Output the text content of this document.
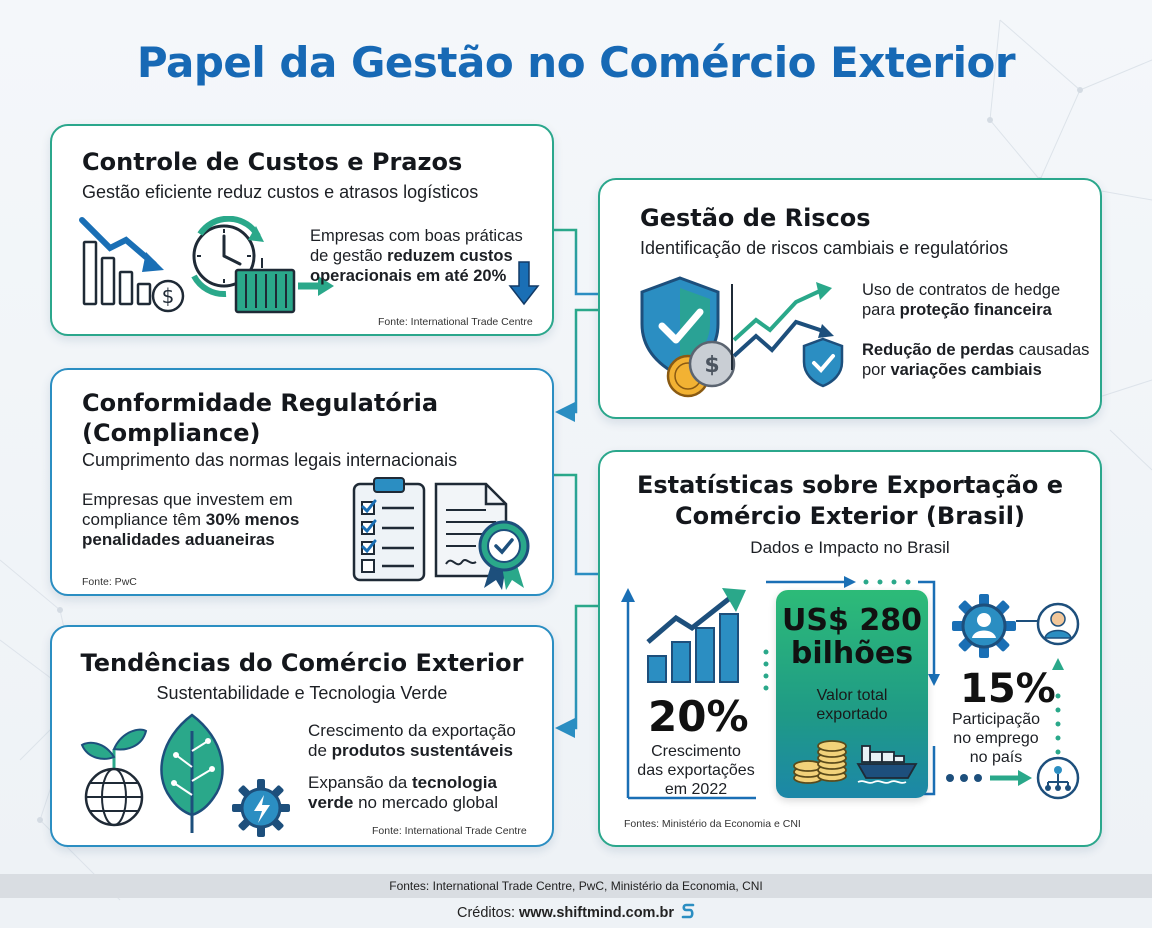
Papel da Gestão no Comércio Exterior
Controle de Custos e Prazos
Gestão eficiente reduz custos e atrasos logísticos
$
Empresas com boas práticas
de gestão reduzem custos
operacionais em até 20%
Fonte: International Trade Centre
Gestão de Riscos
Identificação de riscos cambiais e regulatórios
$
Uso de contratos de hedge
para proteção financeira
Redução de perdas causadas
por variações cambiais
Conformidade Regulatória
(Compliance)
Cumprimento das normas legais internacionais
Empresas que investem em
compliance têm 30% menos
penalidades aduaneiras
Fonte: PwC
Tendências do Comércio Exterior
Sustentabilidade e Tecnologia Verde
Crescimento da exportação
de produtos sustentáveis
Expansão da tecnologia
verde no mercado global
Fonte: International Trade Centre
Estatísticas sobre Exportação e
Comércio Exterior (Brasil)
Dados e Impacto no Brasil
20%
Crescimento
das exportações
em 2022
US$ 280
bilhões
Valor total
exportado
15%
Participação
no emprego
no país
Fontes: Ministério da Economia e CNI
Fontes: International Trade Centre, PwC, Ministério da Economia, CNI
Créditos: www.shiftmind.com.br
